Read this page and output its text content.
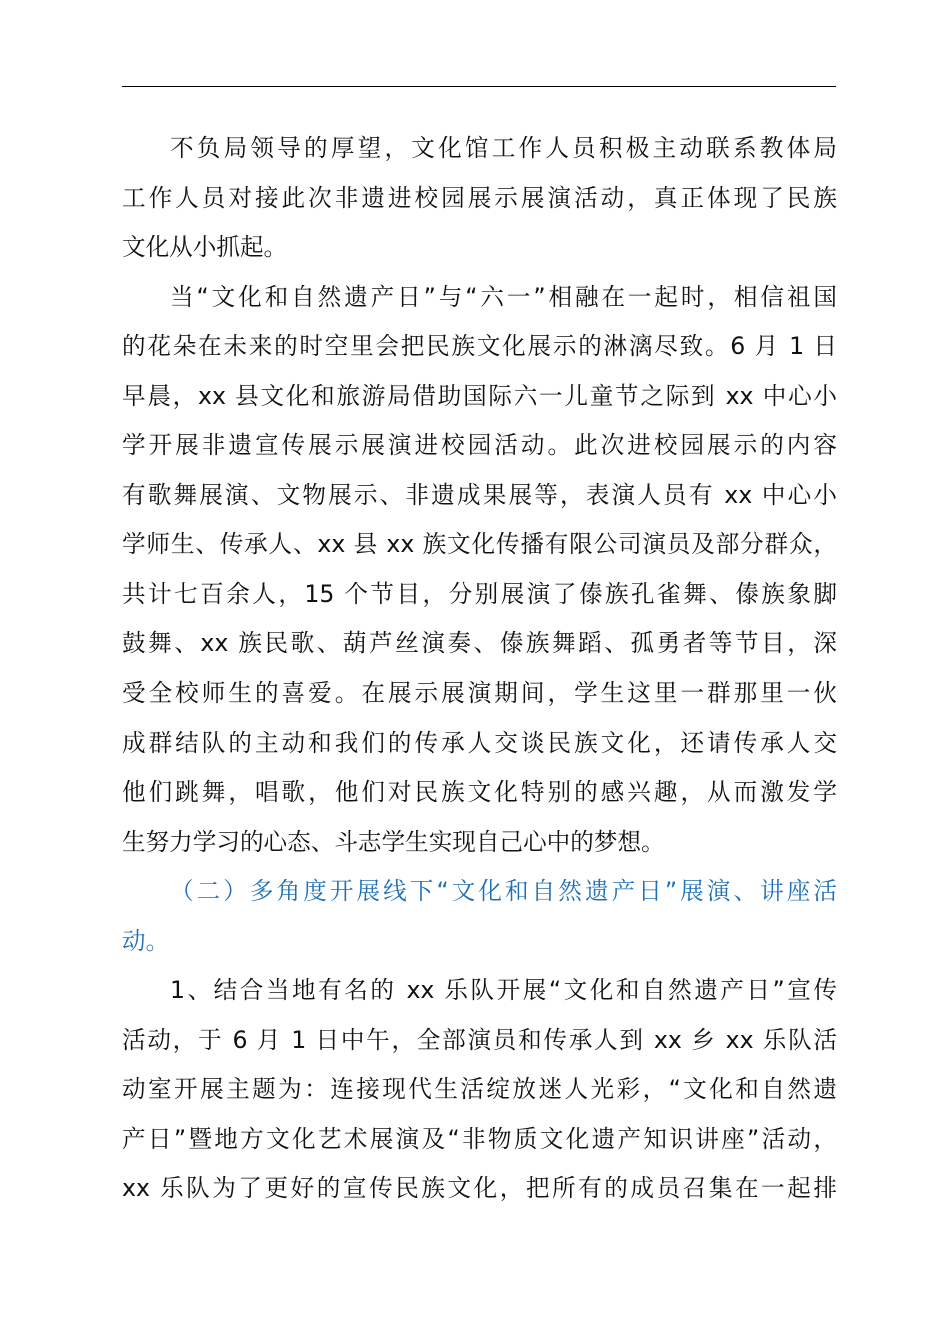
不负局领导的厚望，文化馆工作人员积极主动联系教体局
工作人员对接此次非遗进校园展示展演活动，真正体现了民族
文化从小抓起。
当“文化和自然遗产日”与“六一”相融在一起时，相信祖国
的花朵在未来的时空里会把民族文化展示的淋漓尽致。6 月 1 日
早晨，xx 县文化和旅游局借助国际六一儿童节之际到 xx 中心小
学开展非遗宣传展示展演进校园活动。此次进校园展示的内容
有歌舞展演、文物展示、非遗成果展等，表演人员有 xx 中心小
学师生、传承人、xx 县 xx 族文化传播有限公司演员及部分群众，
共计七百余人，15 个节目，分别展演了傣族孔雀舞、傣族象脚
鼓舞、xx 族民歌、葫芦丝演奏、傣族舞蹈、孤勇者等节目，深
受全校师生的喜爱。在展示展演期间，学生这里一群那里一伙
成群结队的主动和我们的传承人交谈民族文化，还请传承人交
他们跳舞，唱歌，他们对民族文化特别的感兴趣，从而激发学
生努力学习的心态、斗志学生实现自己心中的梦想。
（二）多角度开展线下“文化和自然遗产日”展演、讲座活
动。
1、结合当地有名的 xx 乐队开展“文化和自然遗产日”宣传
活动，于 6 月 1 日中午，全部演员和传承人到 xx 乡 xx 乐队活
动室开展主题为：连接现代生活绽放迷人光彩，“文化和自然遗
产日”暨地方文化艺术展演及“非物质文化遗产知识讲座”活动，
xx 乐队为了更好的宣传民族文化，把所有的成员召集在一起排
